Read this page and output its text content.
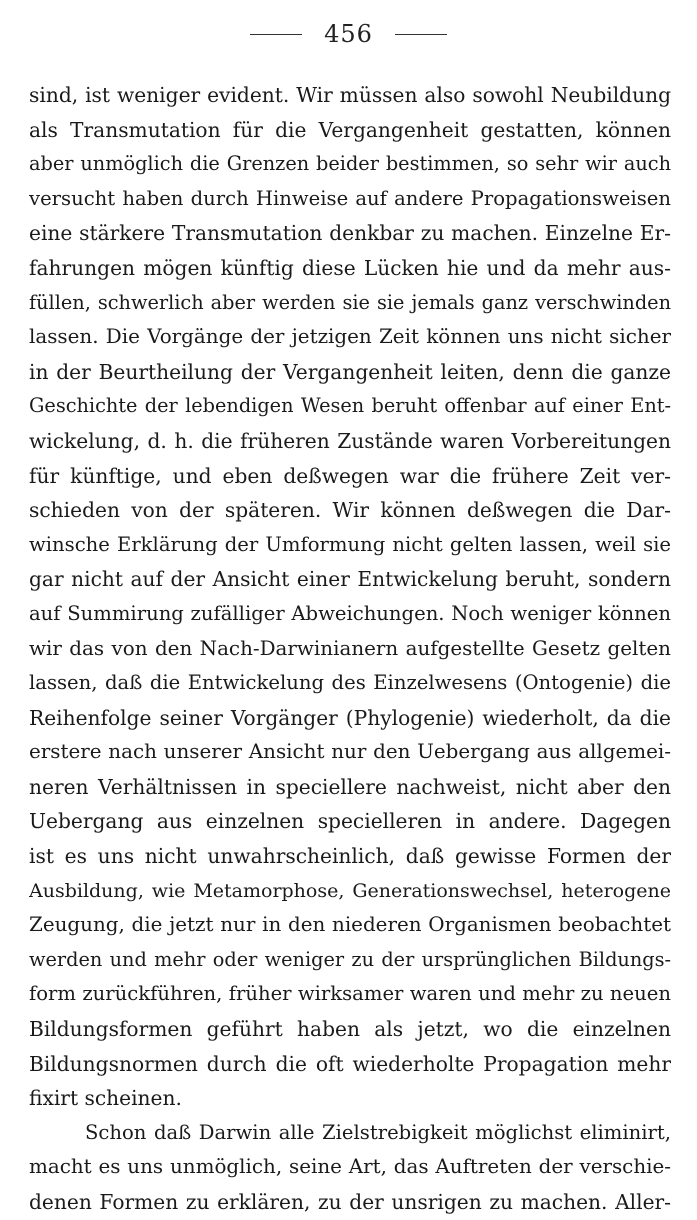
456
sind, ist weniger evident. Wir müssen also sowohl Neubildung
als Transmutation für die Vergangenheit gestatten, können
aber unmöglich die Grenzen beider bestimmen, so sehr wir auch
versucht haben durch Hinweise auf andere Propagationsweisen
eine stärkere Transmutation denkbar zu machen. Einzelne Er-
fahrungen mögen künftig diese Lücken hie und da mehr aus-
füllen, schwerlich aber werden sie sie jemals ganz verschwinden
lassen. Die Vorgänge der jetzigen Zeit können uns nicht sicher
in der Beurtheilung der Vergangenheit leiten, denn die ganze
Geschichte der lebendigen Wesen beruht offenbar auf einer Ent-
wickelung, d. h. die früheren Zustände waren Vorbereitungen
für künftige, und eben deßwegen war die frühere Zeit ver-
schieden von der späteren. Wir können deßwegen die Dar-
winsche Erklärung der Umformung nicht gelten lassen, weil sie
gar nicht auf der Ansicht einer Entwickelung beruht, sondern
auf Summirung zufälliger Abweichungen. Noch weniger können
wir das von den Nach-Darwinianern aufgestellte Gesetz gelten
lassen, daß die Entwickelung des Einzelwesens (Ontogenie) die
Reihenfolge seiner Vorgänger (Phylogenie) wiederholt, da die
erstere nach unserer Ansicht nur den Uebergang aus allgemei-
neren Verhältnissen in speciellere nachweist, nicht aber den
Uebergang aus einzelnen specielleren in andere. Dagegen
ist es uns nicht unwahrscheinlich, daß gewisse Formen der
Ausbildung, wie Metamorphose, Generationswechsel, heterogene
Zeugung, die jetzt nur in den niederen Organismen beobachtet
werden und mehr oder weniger zu der ursprünglichen Bildungs-
form zurückführen, früher wirksamer waren und mehr zu neuen
Bildungsformen geführt haben als jetzt, wo die einzelnen
Bildungsnormen durch die oft wiederholte Propagation mehr
fixirt scheinen.
Schon daß Darwin alle Zielstrebigkeit möglichst eliminirt,
macht es uns unmöglich, seine Art, das Auftreten der verschie-
denen Formen zu erklären, zu der unsrigen zu machen. Aller-
